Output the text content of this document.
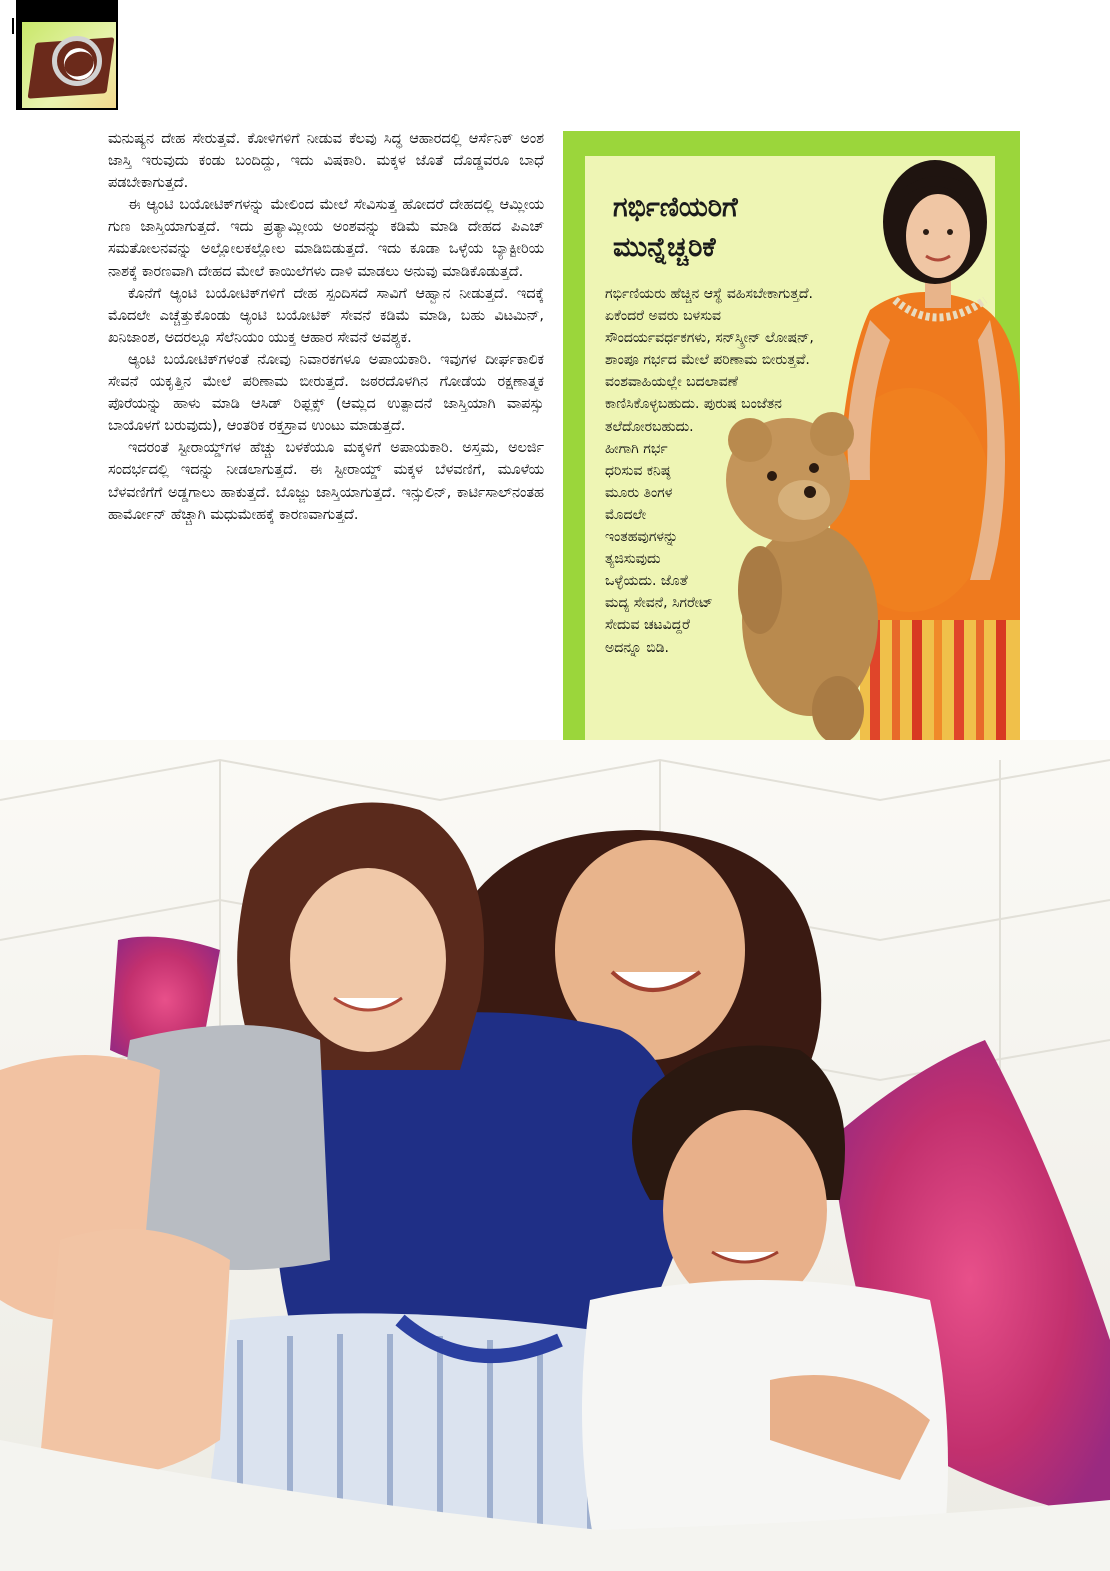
ಮನುಷ್ಯನ ದೇಹ ಸೇರುತ್ತವೆ. ಕೋಳಿಗಳಿಗೆ ನೀಡುವ ಕೆಲವು ಸಿದ್ಧ ಆಹಾರದಲ್ಲಿ ಆರ್ಸೆನಿಕ್ ಅಂಶ ಜಾಸ್ತಿ ಇರುವುದು ಕಂಡು ಬಂದಿದ್ದು, ಇದು ವಿಷಕಾರಿ. ಮಕ್ಕಳ ಜೊತೆ ದೊಡ್ಡವರೂ ಬಾಧೆ ಪಡಬೇಕಾಗುತ್ತದೆ.

ಈ ಆ್ಯಂಟಿ ಬಯೋಟಿಕ್‌ಗಳನ್ನು ಮೇಲಿಂದ ಮೇಲೆ ಸೇವಿಸುತ್ತ ಹೋದರೆ ದೇಹದಲ್ಲಿ ಆಮ್ಲೀಯ ಗುಣ ಜಾಸ್ತಿಯಾಗುತ್ತದೆ. ಇದು ಪ್ರತ್ಯಾಮ್ಲೀಯ ಅಂಶವನ್ನು ಕಡಿಮೆ ಮಾಡಿ ದೇಹದ ಪಿಎಚ್ ಸಮತೋಲನವನ್ನು ಅಲ್ಲೋಲಕಲ್ಲೋಲ ಮಾಡಿಬಿಡುತ್ತದೆ. ಇದು ಕೂಡಾ ಒಳ್ಳೆಯ ಬ್ಯಾಕ್ಟೀರಿಯ ನಾಶಕ್ಕೆ ಕಾರಣವಾಗಿ ದೇಹದ ಮೇಲೆ ಕಾಯಿಲೆಗಳು ದಾಳಿ ಮಾಡಲು ಅನುವು ಮಾಡಿಕೊಡುತ್ತದೆ.

ಕೊನೆಗೆ ಆ್ಯಂಟಿ ಬಯೋಟಿಕ್‌ಗಳಿಗೆ ದೇಹ ಸ್ಪಂದಿಸದೆ ಸಾವಿಗೆ ಆಹ್ವಾನ ನೀಡುತ್ತದೆ. ಇದಕ್ಕೆ ಮೊದಲೇ ಎಚ್ಚೆತ್ತುಕೊಂಡು ಆ್ಯಂಟಿ ಬಯೋಟಿಕ್ ಸೇವನೆ ಕಡಿಮೆ ಮಾಡಿ, ಬಹು ವಿಟಮಿನ್, ಖನಿಜಾಂಶ, ಅದರಲ್ಲೂ ಸೆಲೆನಿಯಂ ಯುಕ್ತ ಆಹಾರ ಸೇವನೆ ಅವಶ್ಯಕ.

ಆ್ಯಂಟಿ ಬಯೋಟಿಕ್‌ಗಳಂತೆ ನೋವು ನಿವಾರಕಗಳೂ ಅಪಾಯಕಾರಿ. ಇವುಗಳ ದೀರ್ಘಕಾಲಿಕ ಸೇವನೆ ಯಕೃತ್ತಿನ ಮೇಲೆ ಪರಿಣಾಮ ಬೀರುತ್ತದೆ. ಜಠರದೊಳಗಿನ ಗೋಡೆಯ ರಕ್ಷಣಾತ್ಮಕ ಪೊರೆಯನ್ನು ಹಾಳು ಮಾಡಿ ಆಸಿಡ್ ರಿಫ್ಲಕ್ಸ್ (ಆಮ್ಲದ ಉತ್ಪಾದನೆ ಜಾಸ್ತಿಯಾಗಿ ವಾಪಸ್ಸು ಬಾಯೊಳಗೆ ಬರುವುದು), ಆಂತರಿಕ ರಕ್ತಸ್ರಾವ ಉಂಟು ಮಾಡುತ್ತದೆ.

ಇದರಂತೆ ಸ್ಟೀರಾಯ್ಡ್‌ಗಳ ಹೆಚ್ಚು ಬಳಕೆಯೂ ಮಕ್ಕಳಿಗೆ ಅಪಾಯಕಾರಿ. ಅಸ್ತಮ, ಅಲರ್ಜಿ ಸಂದರ್ಭದಲ್ಲಿ ಇದನ್ನು ನೀಡಲಾಗುತ್ತದೆ. ಈ ಸ್ಟೀರಾಯ್ಡ್ ಮಕ್ಕಳ ಬೆಳವಣಿಗೆ, ಮೂಳೆಯ ಬೆಳವಣಿಗೆಗೆ ಅಡ್ಡಗಾಲು ಹಾಕುತ್ತದೆ. ಬೊಜ್ಜು ಜಾಸ್ತಿಯಾಗುತ್ತದೆ. ಇನ್ಸುಲಿನ್, ಕಾರ್ಟಿಸಾಲ್‌ನಂತಹ ಹಾರ್ಮೋನ್ ಹೆಚ್ಚಾಗಿ ಮಧುಮೇಹಕ್ಕೆ ಕಾರಣವಾಗುತ್ತದೆ.

ಗರ್ಭಿಣಿಯರಿಗೆ
ಮುನ್ನೆಚ್ಚರಿಕೆ
ಗರ್ಭಿಣಿಯರು ಹೆಚ್ಚಿನ ಆಸ್ಥೆ ವಹಿಸಬೇಕಾಗುತ್ತದೆ.
ಏಕೆಂದರೆ ಅವರು ಬಳಸುವ
ಸೌಂದರ್ಯವರ್ಧಕಗಳು, ಸನ್‌ಸ್ಕ್ರೀನ್ ಲೋಷನ್,
ಶಾಂಪೂ ಗರ್ಭದ ಮೇಲೆ ಪರಿಣಾಮ ಬೀರುತ್ತವೆ.
ವಂಶವಾಹಿಯಲ್ಲೇ ಬದಲಾವಣೆ
ಕಾಣಿಸಿಕೊಳ್ಳಬಹುದು. ಪುರುಷ ಬಂಜೆತನ
ತಲೆದೋರಬಹುದು.
ಹೀಗಾಗಿ ಗರ್ಭ
ಧರಿಸುವ ಕನಿಷ್ಠ
ಮೂರು ತಿಂಗಳ
ಮೊದಲೇ
ಇಂತಹವುಗಳನ್ನು
ತ್ಯಜಿಸುವುದು
ಒಳ್ಳೆಯದು. ಜೊತೆ
ಮದ್ಯ ಸೇವನೆ, ಸಿಗರೇಟ್
ಸೇದುವ ಚಟವಿದ್ದರೆ
ಅದನ್ನೂ ಬಿಡಿ.
